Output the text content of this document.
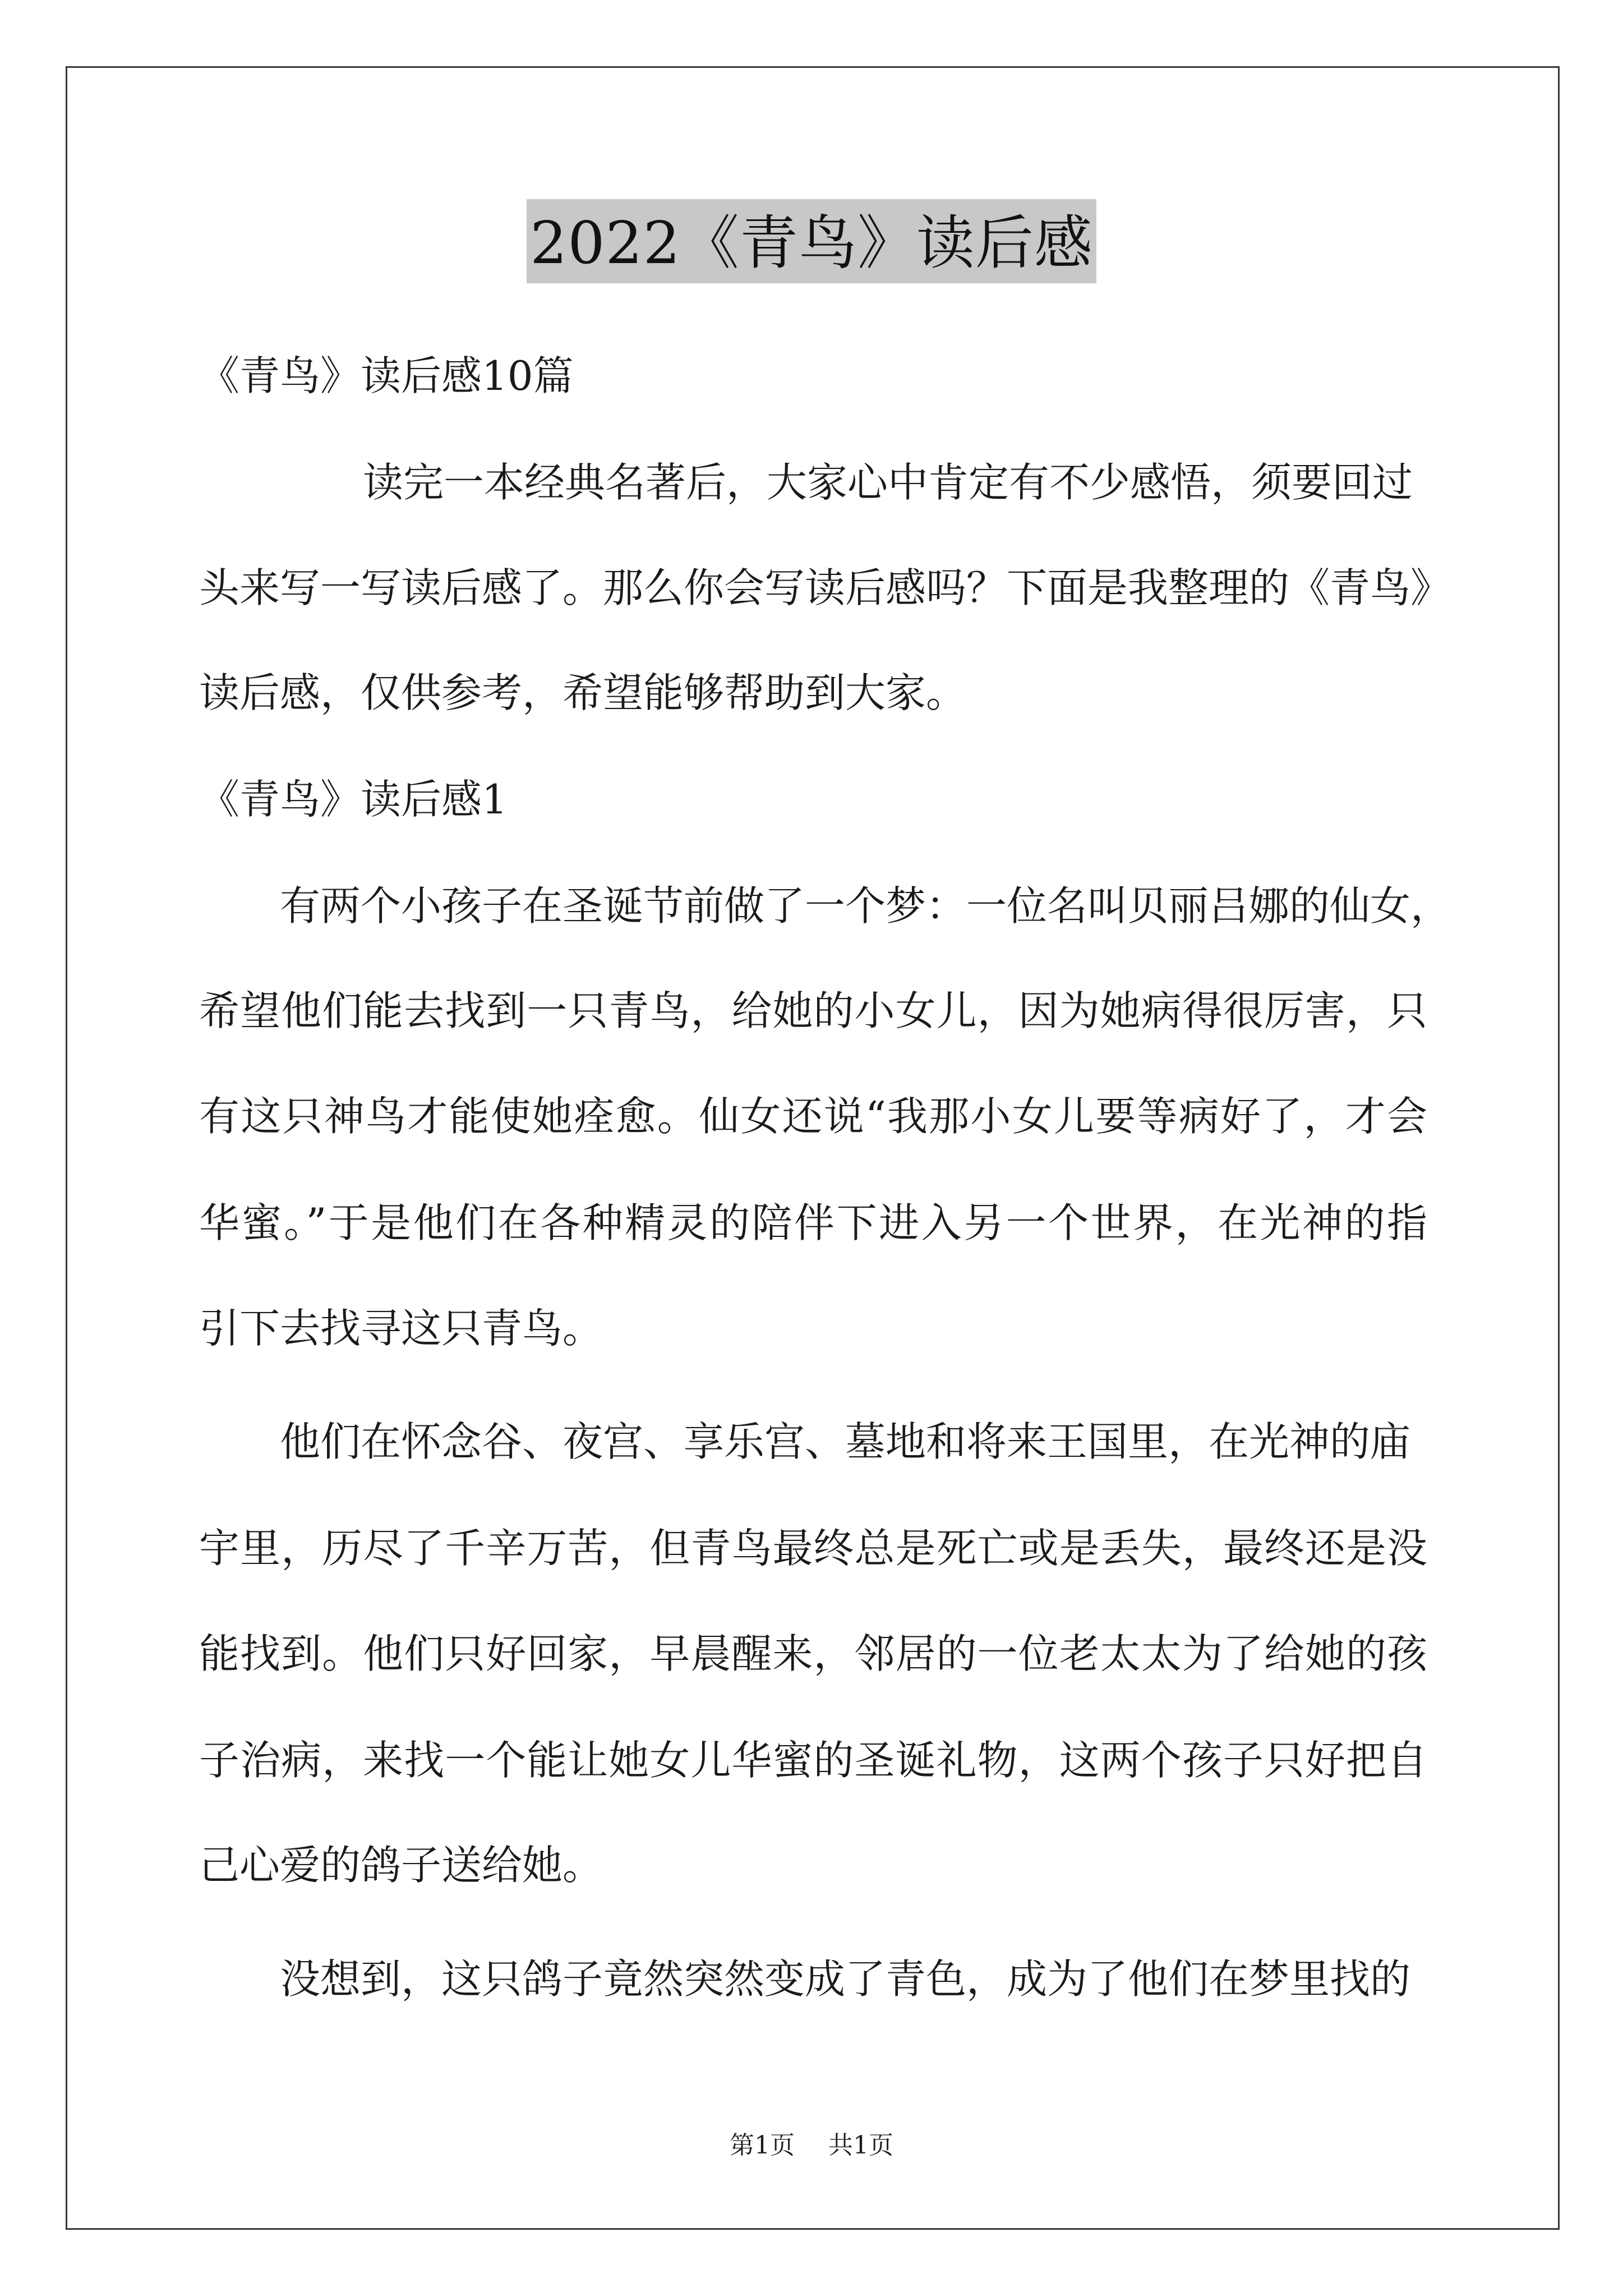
2022《青鸟》读后感
《青鸟》读后感10篇
读完一本经典名著后，大家心中肯定有不少感悟，须要回过
头来写一写读后感了。那么你会写读后感吗？下面是我整理的《青鸟》
读后感，仅供参考，希望能够帮助到大家。
《青鸟》读后感1
有两个小孩子在圣诞节前做了一个梦：一位名叫贝丽吕娜的仙女，
希望他们能去找到一只青鸟，给她的小女儿，因为她病得很厉害，只
有这只神鸟才能使她痊愈。仙女还说“我那小女儿要等病好了，才会
华蜜。”于是他们在各种精灵的陪伴下进入另一个世界，在光神的指
引下去找寻这只青鸟。
他们在怀念谷、夜宫、享乐宫、墓地和将来王国里，在光神的庙
宇里，历尽了千辛万苦，但青鸟最终总是死亡或是丢失，最终还是没
能找到。他们只好回家，早晨醒来，邻居的一位老太太为了给她的孩
子治病，来找一个能让她女儿华蜜的圣诞礼物，这两个孩子只好把自
己心爱的鸽子送给她。
没想到，这只鸽子竟然突然变成了青色，成为了他们在梦里找的
第1页 共1页
